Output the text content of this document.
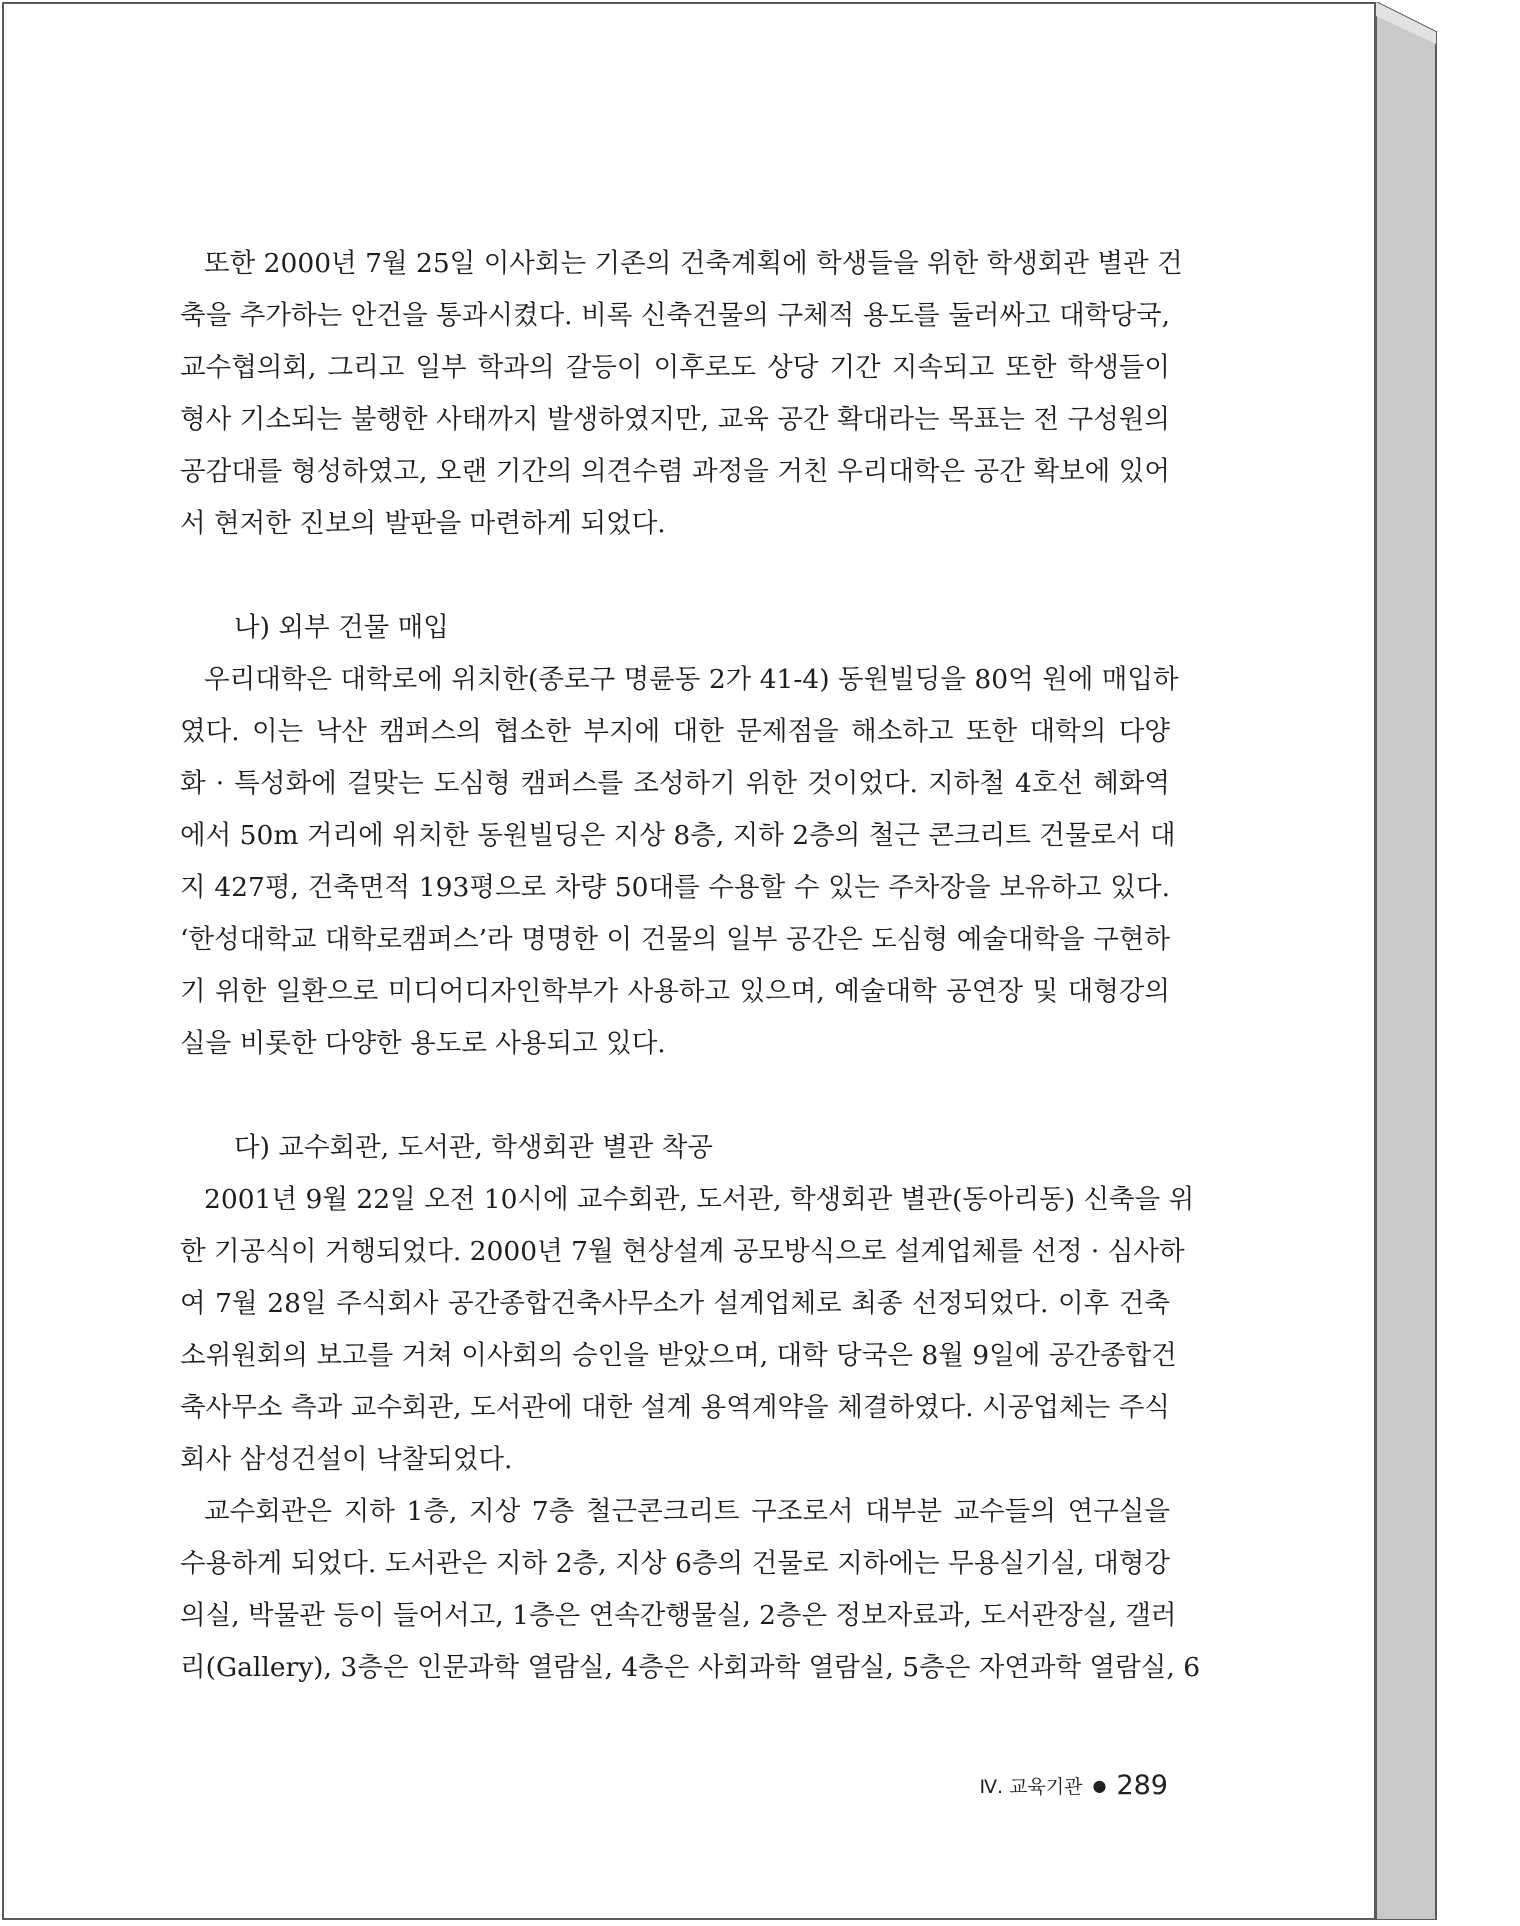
또한 2000년 7월 25일 이사회는 기존의 건축계획에 학생들을 위한 학생회관 별관 건
축을 추가하는 안건을 통과시켰다. 비록 신축건물의 구체적 용도를 둘러싸고 대학당국,
교수협의회, 그리고 일부 학과의 갈등이 이후로도 상당 기간 지속되고 또한 학생들이
형사 기소되는 불행한 사태까지 발생하였지만, 교육 공간 확대라는 목표는 전 구성원의
공감대를 형성하였고, 오랜 기간의 의견수렴 과정을 거친 우리대학은 공간 확보에 있어
서 현저한 진보의 발판을 마련하게 되었다.
나) 외부 건물 매입
우리대학은 대학로에 위치한(종로구 명륜동 2가 41-4) 동원빌딩을 80억 원에 매입하
였다. 이는 낙산 캠퍼스의 협소한 부지에 대한 문제점을 해소하고 또한 대학의 다양
화 · 특성화에 걸맞는 도심형 캠퍼스를 조성하기 위한 것이었다. 지하철 4호선 혜화역
에서 50m 거리에 위치한 동원빌딩은 지상 8층, 지하 2층의 철근 콘크리트 건물로서 대
지 427평, 건축면적 193평으로 차량 50대를 수용할 수 있는 주차장을 보유하고 있다.
‘한성대학교 대학로캠퍼스’라 명명한 이 건물의 일부 공간은 도심형 예술대학을 구현하
기 위한 일환으로 미디어디자인학부가 사용하고 있으며, 예술대학 공연장 및 대형강의
실을 비롯한 다양한 용도로 사용되고 있다.
다) 교수회관, 도서관, 학생회관 별관 착공
2001년 9월 22일 오전 10시에 교수회관, 도서관, 학생회관 별관(동아리동) 신축을 위
한 기공식이 거행되었다. 2000년 7월 현상설계 공모방식으로 설계업체를 선정 · 심사하
여 7월 28일 주식회사 공간종합건축사무소가 설계업체로 최종 선정되었다. 이후 건축
소위원회의 보고를 거쳐 이사회의 승인을 받았으며, 대학 당국은 8월 9일에 공간종합건
축사무소 측과 교수회관, 도서관에 대한 설계 용역계약을 체결하였다. 시공업체는 주식
회사 삼성건설이 낙찰되었다.
교수회관은 지하 1층, 지상 7층 철근콘크리트 구조로서 대부분 교수들의 연구실을
수용하게 되었다. 도서관은 지하 2층, 지상 6층의 건물로 지하에는 무용실기실, 대형강
의실, 박물관 등이 들어서고, 1층은 연속간행물실, 2층은 정보자료과, 도서관장실, 갤러
리(Gallery), 3층은 인문과학 열람실, 4층은 사회과학 열람실, 5층은 자연과학 열람실, 6
Ⅳ. 교육기관 ● 289
